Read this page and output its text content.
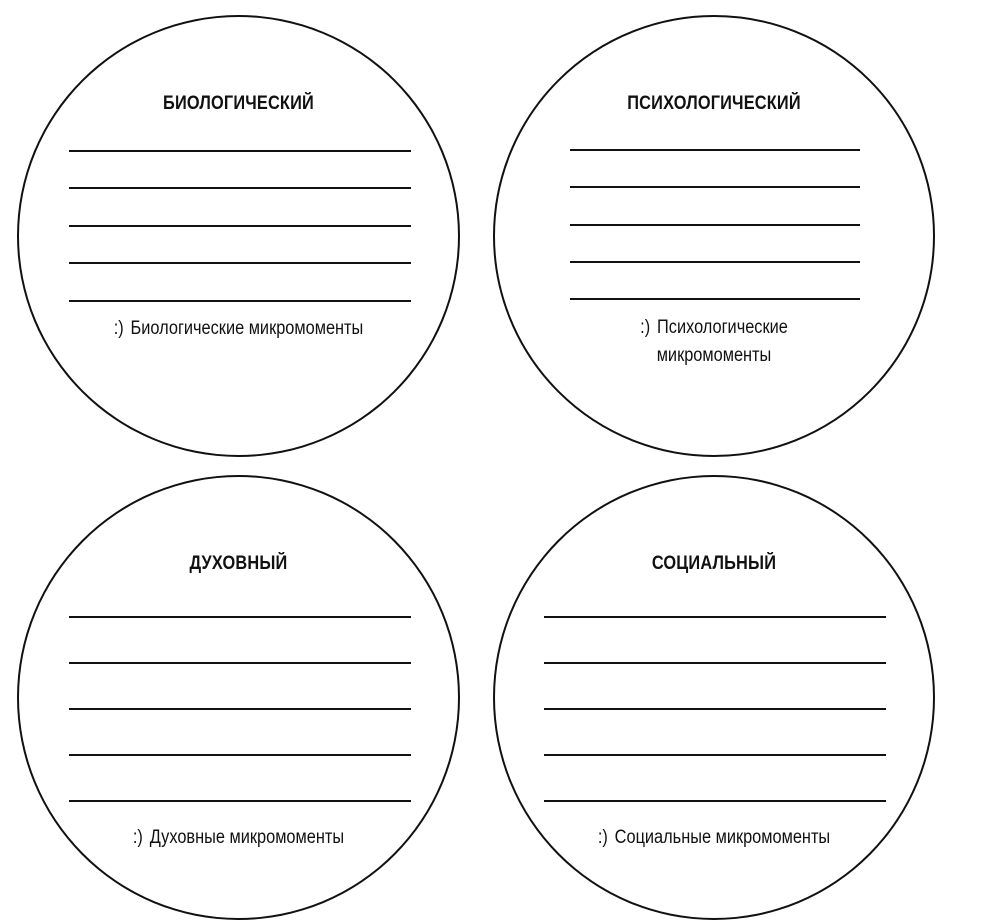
БИОЛОГИЧЕСКИЙ
:) Биологические микромоменты
ПСИХОЛОГИЧЕСКИЙ
:) Психологические
микромоменты
ДУХОВНЫЙ
:) Духовные микромоменты
СОЦИАЛЬНЫЙ
:) Социальные микромоменты
